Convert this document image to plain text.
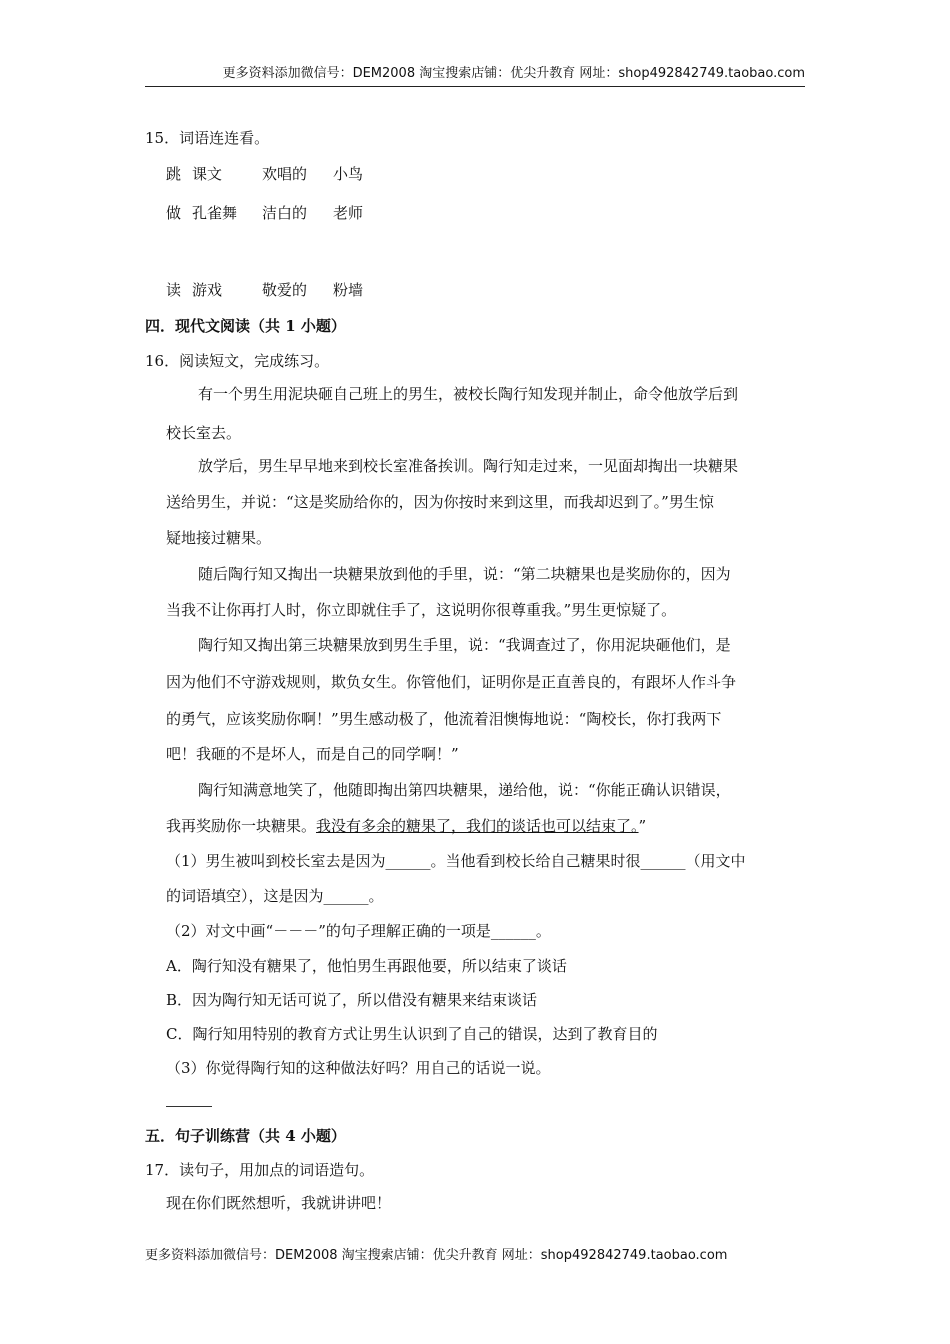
更多资料添加微信号：DEM2008 淘宝搜索店铺：优尖升教育 网址：shop492842749.taobao.com
15．词语连连看。
跳 课文	欢唱的 小鸟
做 孔雀舞 洁白的 老师
读 游戏	敬爱的 粉墙
四．现代文阅读（共 1 小题）
16．阅读短文，完成练习。
有一个男生用泥块砸自己班上的男生，被校长陶行知发现并制止，命令他放学后到
校长室去。
放学后，男生早早地来到校长室准备挨训。陶行知走过来，一见面却掏出一块糖果
送给男生，并说：“这是奖励给你的，因为你按时来到这里，而我却迟到了。”男生惊
疑地接过糖果。
随后陶行知又掏出一块糖果放到他的手里，说：“第二块糖果也是奖励你的，因为
当我不让你再打人时，你立即就住手了，这说明你很尊重我。”男生更惊疑了。
陶行知又掏出第三块糖果放到男生手里，说：“我调查过了，你用泥块砸他们，是
因为他们不守游戏规则，欺负女生。你管他们，证明你是正直善良的，有跟坏人作斗争
的勇气，应该奖励你啊！”男生感动极了，他流着泪懊悔地说：“陶校长，你打我两下
吧！我砸的不是坏人，而是自己的同学啊！”
陶行知满意地笑了，他随即掏出第四块糖果，递给他，说：“你能正确认识错误，
我再奖励你一块糖果。我没有多余的糖果了，我们的谈话也可以结束了。”
（1）男生被叫到校长室去是因为______。当他看到校长给自己糖果时很______（用文中
的词语填空），这是因为______。
（2）对文中画“－－－”的句子理解正确的一项是______。
A．陶行知没有糖果了，他怕男生再跟他要，所以结束了谈话
B．因为陶行知无话可说了，所以借没有糖果来结束谈话
C．陶行知用特别的教育方式让男生认识到了自己的错误，达到了教育目的
（3）你觉得陶行知的这种做法好吗？用自己的话说一说。
五．句子训练营（共 4 小题）
17．读句子，用加点的词语造句。
现在你们既然想听，我就讲讲吧！
更多资料添加微信号：DEM2008 淘宝搜索店铺：优尖升教育 网址：shop492842749.taobao.com
